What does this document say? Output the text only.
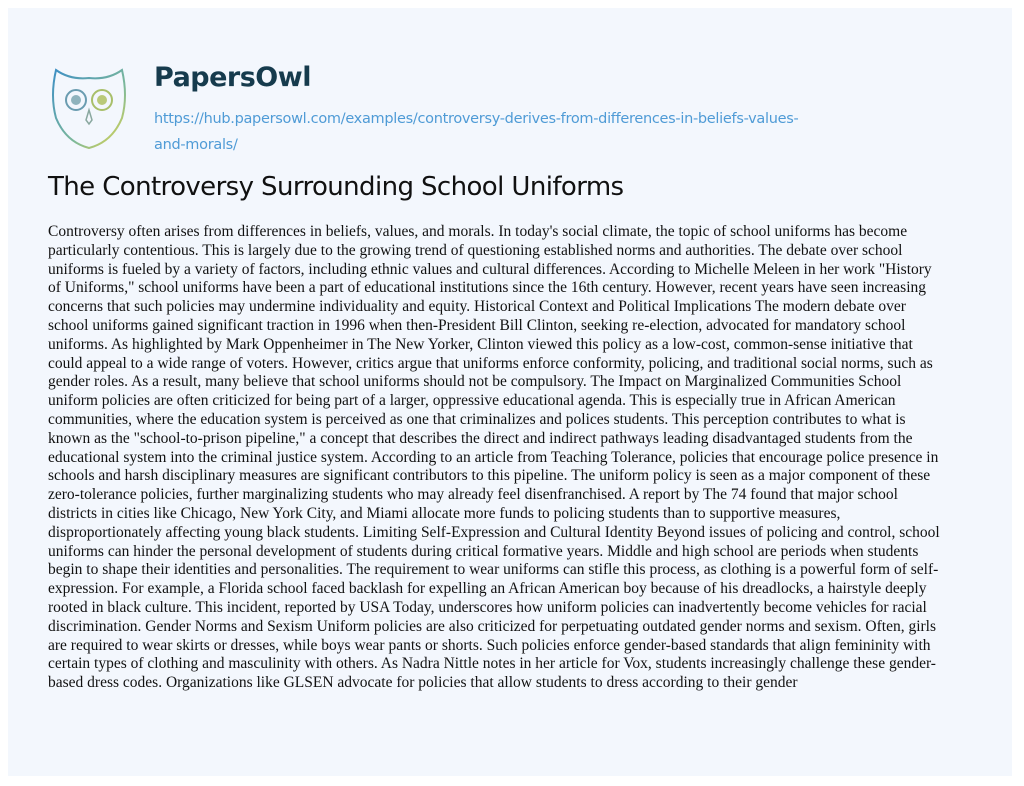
PapersOwl
https://hub.papersowl.com/examples/controversy-derives-from-differences-in-beliefs-values-
and-morals/
The Controversy Surrounding School Uniforms
Controversy often arises from differences in beliefs, values, and morals. In today's social climate, the topic of school uniforms has become
particularly contentious. This is largely due to the growing trend of questioning established norms and authorities. The debate over school
uniforms is fueled by a variety of factors, including ethnic values and cultural differences. According to Michelle Meleen in her work "History
of Uniforms," school uniforms have been a part of educational institutions since the 16th century. However, recent years have seen increasing
concerns that such policies may undermine individuality and equity. Historical Context and Political Implications The modern debate over
school uniforms gained significant traction in 1996 when then-President Bill Clinton, seeking re-election, advocated for mandatory school
uniforms. As highlighted by Mark Oppenheimer in The New Yorker, Clinton viewed this policy as a low-cost, common-sense initiative that
could appeal to a wide range of voters. However, critics argue that uniforms enforce conformity, policing, and traditional social norms, such as
gender roles. As a result, many believe that school uniforms should not be compulsory. The Impact on Marginalized Communities School
uniform policies are often criticized for being part of a larger, oppressive educational agenda. This is especially true in African American
communities, where the education system is perceived as one that criminalizes and polices students. This perception contributes to what is
known as the "school-to-prison pipeline," a concept that describes the direct and indirect pathways leading disadvantaged students from the
educational system into the criminal justice system. According to an article from Teaching Tolerance, policies that encourage police presence in
schools and harsh disciplinary measures are significant contributors to this pipeline. The uniform policy is seen as a major component of these
zero-tolerance policies, further marginalizing students who may already feel disenfranchised. A report by The 74 found that major school
districts in cities like Chicago, New York City, and Miami allocate more funds to policing students than to supportive measures,
disproportionately affecting young black students. Limiting Self-Expression and Cultural Identity Beyond issues of policing and control, school
uniforms can hinder the personal development of students during critical formative years. Middle and high school are periods when students
begin to shape their identities and personalities. The requirement to wear uniforms can stifle this process, as clothing is a powerful form of self-
expression. For example, a Florida school faced backlash for expelling an African American boy because of his dreadlocks, a hairstyle deeply
rooted in black culture. This incident, reported by USA Today, underscores how uniform policies can inadvertently become vehicles for racial
discrimination. Gender Norms and Sexism Uniform policies are also criticized for perpetuating outdated gender norms and sexism. Often, girls
are required to wear skirts or dresses, while boys wear pants or shorts. Such policies enforce gender-based standards that align femininity with
certain types of clothing and masculinity with others. As Nadra Nittle notes in her article for Vox, students increasingly challenge these gender-
based dress codes. Organizations like GLSEN advocate for policies that allow students to dress according to their gender
